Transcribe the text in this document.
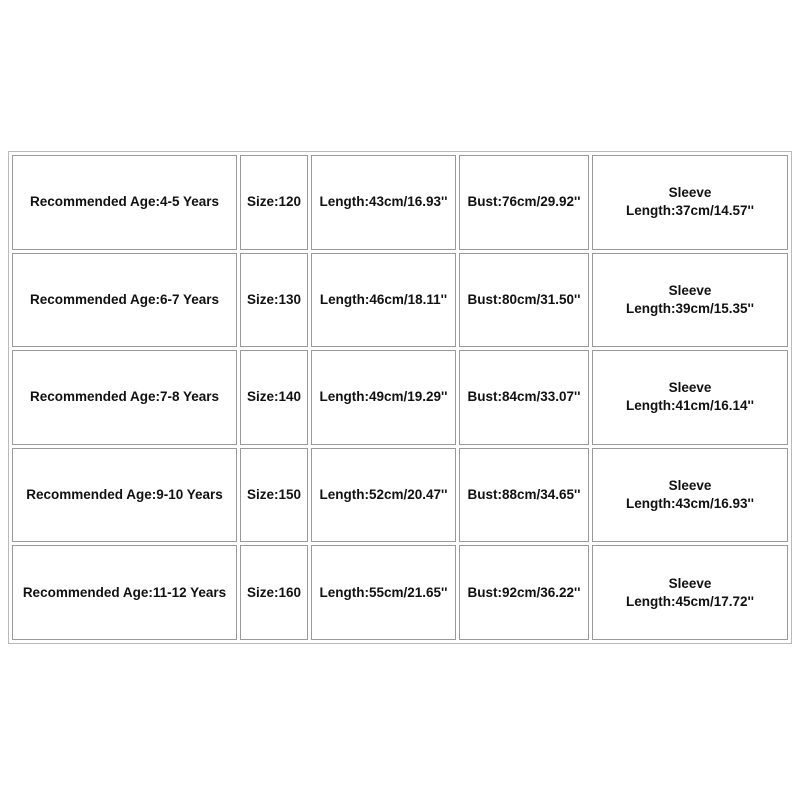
Recommended Age:4-5 Years	Size:120	Length:43cm/16.93''	Bust:76cm/29.92''	Sleeve
Length:37cm/14.57''
Recommended Age:6-7 Years	Size:130	Length:46cm/18.11''	Bust:80cm/31.50''	Sleeve
Length:39cm/15.35''
Recommended Age:7-8 Years	Size:140	Length:49cm/19.29''	Bust:84cm/33.07''	Sleeve
Length:41cm/16.14''
Recommended Age:9-10 Years	Size:150	Length:52cm/20.47''	Bust:88cm/34.65''	Sleeve
Length:43cm/16.93''
Recommended Age:11-12 Years	Size:160	Length:55cm/21.65''	Bust:92cm/36.22''	Sleeve
Length:45cm/17.72''
